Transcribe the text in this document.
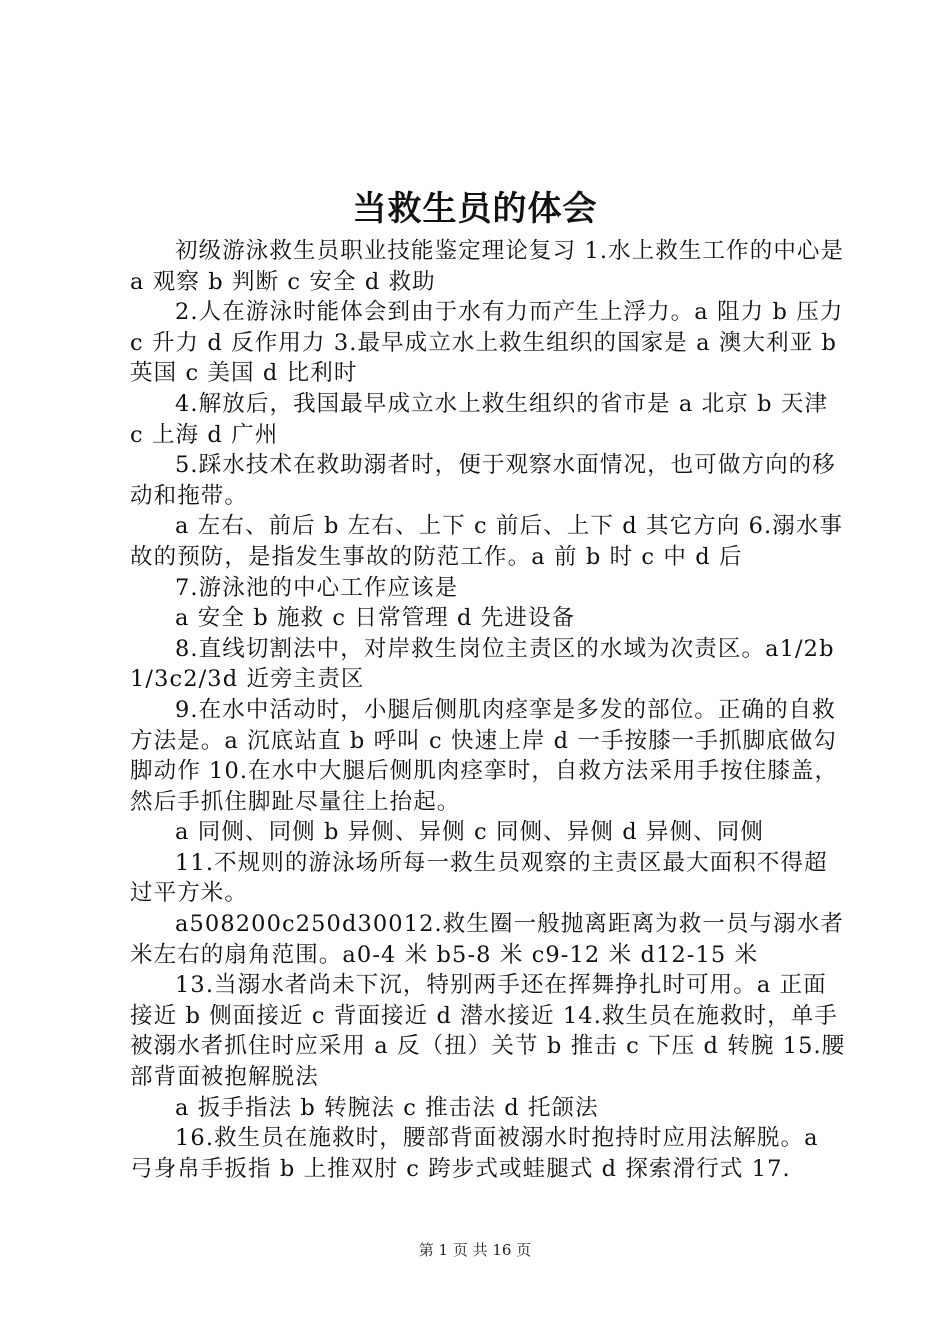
当救生员的体会

初级游泳救生员职业技能鉴定理论复习 1.水上救生工作的中心是 a 观察 b 判断 c 安全 d 救助

2.人在游泳时能体会到由于水有力而产生上浮力。a 阻力 b 压力 c 升力 d 反作用力 3.最早成立水上救生组织的国家是 a 澳大利亚 b 英国 c 美国 d 比利时

4.解放后，我国最早成立水上救生组织的省市是 a 北京 b 天津 c 上海 d 广州

5.踩水技术在救助溺者时，便于观察水面情况，也可做方向的移动和拖带。

a 左右、前后 b 左右、上下 c 前后、上下 d 其它方向 6.溺水事故的预防，是指发生事故的防范工作。a 前 b 时 c 中 d 后

7.游泳池的中心工作应该是

a 安全 b 施救 c 日常管理 d 先进设备

8.直线切割法中，对岸救生岗位主责区的水域为次责区。a1/2b1/3c2/3d 近旁主责区

9.在水中活动时，小腿后侧肌肉痉挛是多发的部位。正确的自救方法是。a 沉底站直 b 呼叫 c 快速上岸 d 一手按膝一手抓脚底做勾脚动作 10.在水中大腿后侧肌肉痉挛时，自救方法采用手按住膝盖，然后手抓住脚趾尽量往上抬起。

a 同侧、同侧 b 异侧、异侧 c 同侧、异侧 d 异侧、同侧

11.不规则的游泳场所每一救生员观察的主责区最大面积不得超过平方米。

a508200c250d30012.救生圈一般抛离距离为救一员与溺水者米左右的扇角范围。a0-4 米 b5-8 米 c9-12 米 d12-15 米

13.当溺水者尚未下沉，特别两手还在挥舞挣扎时可用。a 正面接近 b 侧面接近 c 背面接近 d 潜水接近 14.救生员在施救时，单手被溺水者抓住时应采用 a 反（扭）关节 b 推击 c 下压 d 转腕 15.腰部背面被抱解脱法

a 扳手指法 b 转腕法 c 推击法 d 托颌法

16.救生员在施救时，腰部背面被溺水时抱持时应用法解脱。a 弓身帛手扳指 b 上推双肘 c 跨步式或蛙腿式 d 探索滑行式 17.

第 1 页 共 16 页
